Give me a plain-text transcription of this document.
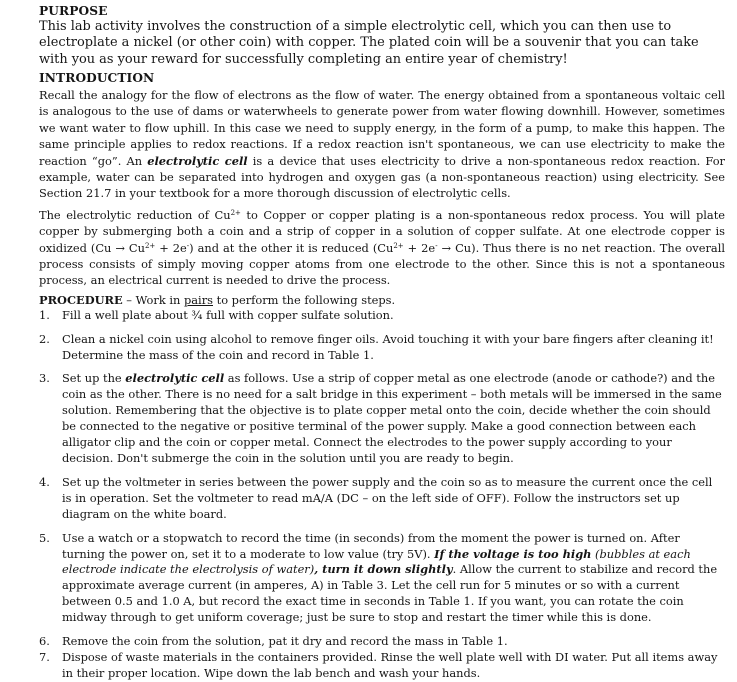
PURPOSE

This lab activity involves the construction of a simple electrolytic cell, which you can then use to electroplate a nickel (or other coin) with copper. The plated coin will be a souvenir that you can take with you as your reward for successfully completing an entire year of chemistry!

INTRODUCTION

Recall the analogy for the flow of electrons as the flow of water. The energy obtained from a spontaneous voltaic cell is analogous to the use of dams or waterwheels to generate power from water flowing downhill. However, sometimes we want water to flow uphill. In this case we need to supply energy, in the form of a pump, to make this happen. The same principle applies to redox reactions. If a redox reaction isn't spontaneous, we can use electricity to make the reaction “go”. An electrolytic cell is a device that uses electricity to drive a non-spontaneous redox reaction. For example, water can be separated into hydrogen and oxygen gas (a non-spontaneous reaction) using electricity. See Section 21.7 in your textbook for a more thorough discussion of electrolytic cells.

The electrolytic reduction of $Cu^{2+}$ to Copper or copper plating is a non-spontaneous redox process. You will plate copper by submerging both a coin and a strip of copper in a solution of copper sulfate. At one electrode copper is oxidized $(Cu \to Cu^{2+} + 2e^-)$ and at the other it is reduced $(Cu^{2+} + 2e^- \to Cu)$. Thus there is no net reaction. The overall process consists of simply moving copper atoms from one electrode to the other. Since this is not a spontaneous process, an electrical current is needed to drive the process.

PROCEDURE – Work in pairs to perform the following steps.

1.	Fill a well plate about ¾ full with copper sulfate solution.
2.	Clean a nickel coin using alcohol to remove finger oils. Avoid touching it with your bare fingers after cleaning it! Determine the mass of the coin and record in Table 1.
3.	Set up the electrolytic cell as follows. Use a strip of copper metal as one electrode (anode or cathode?) and the coin as the other. There is no need for a salt bridge in this experiment – both metals will be immersed in the same solution. Remembering that the objective is to plate copper metal onto the coin, decide whether the coin should be connected to the negative or positive terminal of the power supply. Make a good connection between each alligator clip and the coin or copper metal. Connect the electrodes to the power supply according to your decision. Don't submerge the coin in the solution until you are ready to begin.
4.	Set up the voltmeter in series between the power supply and the coin so as to measure the current once the cell is in operation. Set the voltmeter to read mA/A (DC – on the left side of OFF). Follow the instructors set up diagram on the white board.
5.	Use a watch or a stopwatch to record the time (in seconds) from the moment the power is turned on. After turning the power on, set it to a moderate to low value (try 5V). If the voltage is too high (bubbles at each electrode indicate the electrolysis of water), turn it down slightly. Allow the current to stabilize and record the approximate average current (in amperes, A) in Table 3. Let the cell run for 5 minutes or so with a current between 0.5 and 1.0 A, but record the exact time in seconds in Table 1. If you want, you can rotate the coin midway through to get uniform coverage; just be sure to stop and restart the timer while this is done.
6.	Remove the coin from the solution, pat it dry and record the mass in Table 1.
7.	Dispose of waste materials in the containers provided. Rinse the well plate well with DI water. Put all items away in their proper location. Wipe down the lab bench and wash your hands.
